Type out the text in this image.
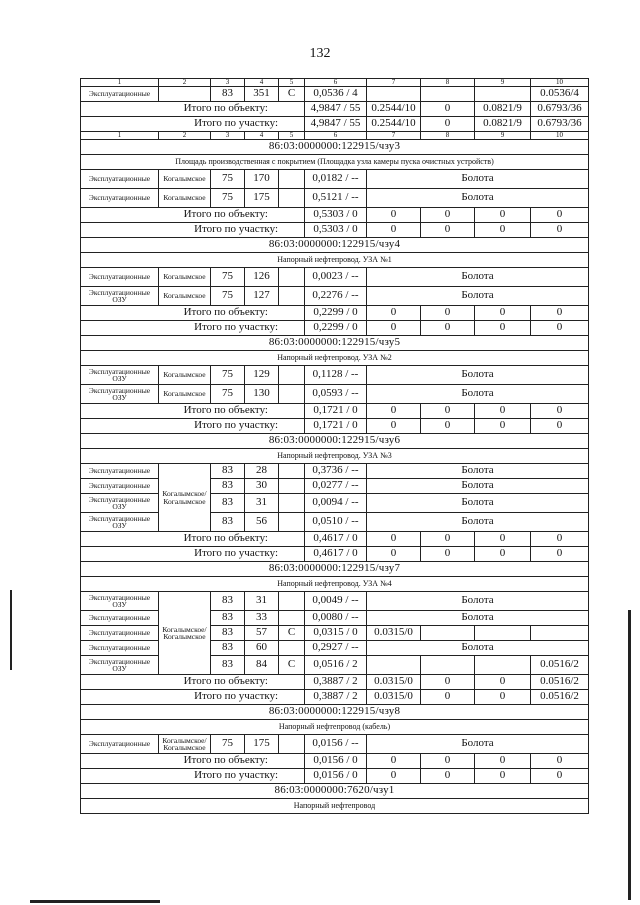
132
1	2	3	4	5	6	7	8	9	10
Эксплуатационные		83	351	С	0,0536 / 4				0.0536/4
Итого по объекту:					4,9847 / 55	0.2544/10	0	0.0821/9	0.6793/36
Итого по участку:					4,9847 / 55	0.2544/10	0	0.0821/9	0.6793/36
1	2	3	4	5	6	7	8	9	10
86:03:0000000:122915/чзу3									
Площадь производственная с покрытием (Площадка узла камеры пуска очистных устройств)									
Эксплуатационные	Когалымское	75	170		0,0182 / --	Болота			
Эксплуатационные	Когалымское	75	175		0,5121 / --	Болота			
Итого по объекту:					0,5303 / 0	0	0	0	0
Итого по участку:					0,5303 / 0	0	0	0	0
86:03:0000000:122915/чзу4									
Напорный нефтепровод. УЗА №1									
Эксплуатационные	Когалымское	75	126		0,0023 / --	Болота			
Эксплуатационные ОЗУ	Когалымское	75	127		0,2276 / --	Болота			
Итого по объекту:					0,2299 / 0	0	0	0	0
Итого по участку:					0,2299 / 0	0	0	0	0
86:03:0000000:122915/чзу5									
Напорный нефтепровод. УЗА №2									
Эксплуатационные ОЗУ	Когалымское	75	129		0,1128 / --	Болота			
Эксплуатационные ОЗУ	Когалымское	75	130		0,0593 / --	Болота			
Итого по объекту:					0,1721 / 0	0	0	0	0
Итого по участку:					0,1721 / 0	0	0	0	0
86:03:0000000:122915/чзу6									
Напорный нефтепровод. УЗА №3									
Эксплуатационные	Когалымское/ Когалымское	83	28		0,3736 / --	Болота			
Эксплуатационные		83	30		0,0277 / --	Болота			
Эксплуатационные ОЗУ		83	31		0,0094 / --	Болота			
Эксплуатационные ОЗУ		83	56		0,0510 / --	Болота			
Итого по объекту:					0,4617 / 0	0	0	0	0
Итого по участку:					0,4617 / 0	0	0	0	0
86:03:0000000:122915/чзу7									
Напорный нефтепровод. УЗА №4									
Эксплуатационные ОЗУ	Когалымское/ Когалымское	83	31		0,0049 / --	Болота			
Эксплуатационные		83	33		0,0080 / --	Болота			
Эксплуатационные		83	57	С	0,0315 / 0	0.0315/0			
Эксплуатационные		83	60		0,2927 / --	Болота			
Эксплуатационные ОЗУ		83	84	С	0,0516 / 2				0.0516/2
Итого по объекту:					0,3887 / 2	0.0315/0	0	0	0.0516/2
Итого по участку:					0,3887 / 2	0.0315/0	0	0	0.0516/2
86:03:0000000:122915/чзу8									
Напорный нефтепровод (кабель)									
Эксплуатационные	Когалымское/ Когалымское	75	175		0,0156 / --	Болота			
Итого по объекту:					0,0156 / 0	0	0	0	0
Итого по участку:					0,0156 / 0	0	0	0	0
86:03:0000000:7620/чзу1									
Напорный нефтепровод									
